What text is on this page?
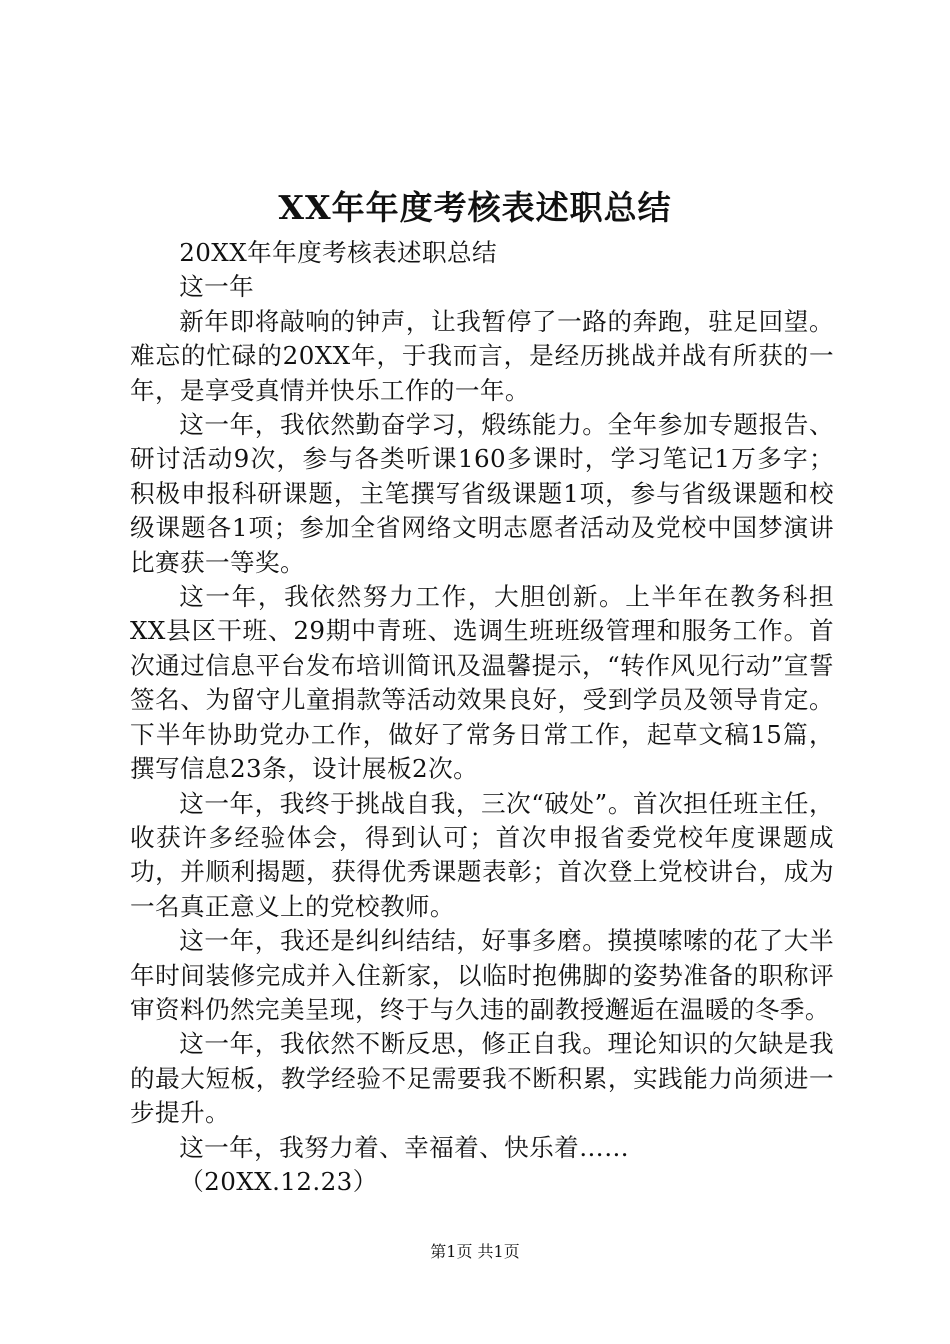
XX年年度考核表述职总结

20XX年年度考核表述职总结

这一年

新年即将敲响的钟声，让我暂停了一路的奔跑，驻足回望。难忘的忙碌的20XX年，于我而言，是经历挑战并战有所获的一年，是享受真情并快乐工作的一年。

这一年，我依然勤奋学习，煅练能力。全年参加专题报告、研讨活动9次，参与各类听课160多课时，学习笔记1万多字；积极申报科研课题，主笔撰写省级课题1项，参与省级课题和校级课题各1项；参加全省网络文明志愿者活动及党校中国梦演讲比赛获一等奖。

这一年，我依然努力工作，大胆创新。上半年在教务科担XX县区干班、29期中青班、选调生班班级管理和服务工作。首次通过信息平台发布培训简讯及温馨提示，“转作风见行动”宣誓签名、为留守儿童捐款等活动效果良好，受到学员及领导肯定。下半年协助党办工作，做好了常务日常工作，起草文稿15篇，撰写信息23条，设计展板2次。

这一年，我终于挑战自我，三次“破处”。首次担任班主任，收获许多经验体会，得到认可；首次申报省委党校年度课题成功，并顺利揭题，获得优秀课题表彰；首次登上党校讲台，成为一名真正意义上的党校教师。

这一年，我还是纠纠结结，好事多磨。摸摸嗦嗦的花了大半年时间装修完成并入住新家，以临时抱佛脚的姿势准备的职称评审资料仍然完美呈现，终于与久违的副教授邂逅在温暖的冬季。

这一年，我依然不断反思，修正自我。理论知识的欠缺是我的最大短板，教学经验不足需要我不断积累，实践能力尚须进一步提升。

这一年，我努力着、幸福着、快乐着……

（20XX.12.23）

第1页 共1页
